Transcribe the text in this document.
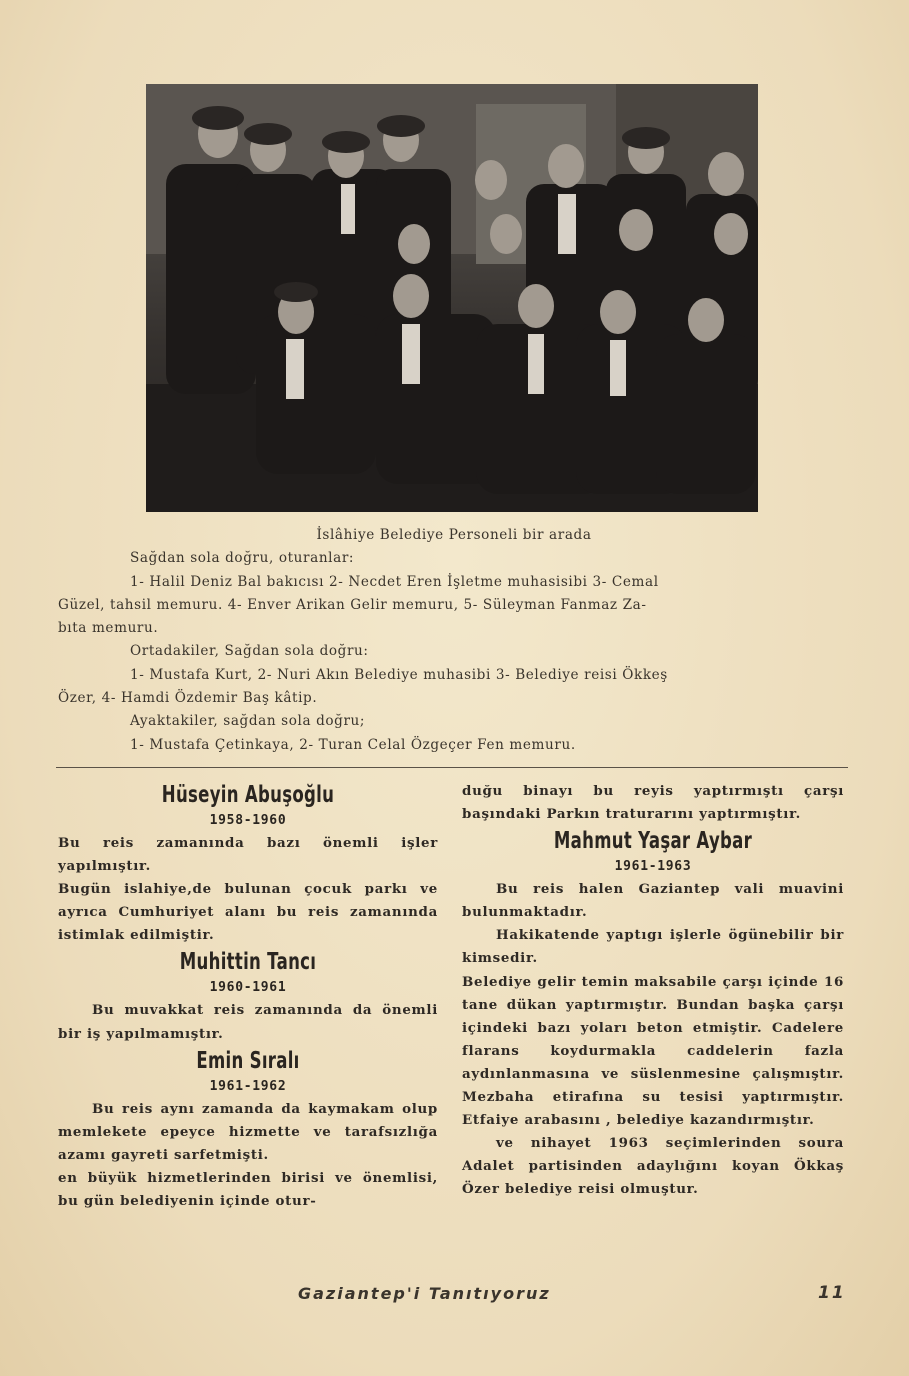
İslâhiye Belediye Personeli bir arada

Sağdan sola doğru, oturanlar:

1- Halil Deniz Bal bakıcısı 2- Necdet Eren İşletme muhasisibi 3- Cemal

Güzel, tahsil memuru. 4- Enver Arikan Gelir memuru, 5- Süleyman Fanmaz Za-

bıta memuru.

Ortadakiler, Sağdan sola doğru:

1- Mustafa Kurt, 2- Nuri Akın Belediye muhasibi 3- Belediye reisi Ökkeş

Özer, 4- Hamdi Özdemir Baş kâtip.

Ayaktakiler, sağdan sola doğru;

1- Mustafa Çetinkaya, 2- Turan Celal Özgeçer Fen memuru.

Hüseyin Abuşoğlu
1958-1960

Bu reis zamanında bazı önemli işler yapılmıştır.

Bugün islahiye,de bulunan çocuk parkı ve ayrıca Cumhuriyet alanı bu reis zamanında istimlak edilmiştir.

Muhittin Tancı
1960-1961

Bu muvakkat reis zamanında da önemli bir iş yapılmamıştır.

Emin Sıralı
1961-1962

Bu reis aynı zamanda da kaymakam olup memlekete epeyce hizmette ve tarafsızlığa azamı gayreti sarfetmişti.

en büyük hizmetlerinden birisi ve önemlisi, bu gün belediyenin içinde otur-

duğu binayı bu reyis yaptırmıştı çarşı başındaki Parkın traturarını yaptırmıştır.

Mahmut Yaşar Aybar
1961-1963

Bu reis halen Gaziantep vali muavini bulunmaktadır.

Hakikatende yaptıgı işlerle ögünebilir bir kimsedir.

Belediye gelir temin maksabile çarşı içinde 16 tane dükan yaptırmıştır. Bundan başka çarşı içindeki bazı yoları beton etmiştir. Cadelere flarans koydurmakla caddelerin fazla aydınlanmasına ve süslenmesine çalışmıştır. Mezbaha etirafına su tesisi yaptırmıştır. Etfaiye arabasını , belediye kazandırmıştır.

ve nihayet 1963 seçimlerinden soura Adalet partisinden adaylığını koyan Ökkaş Özer belediye reisi olmuştur.

Gaziantep'i Tanıtıyoruz	11
